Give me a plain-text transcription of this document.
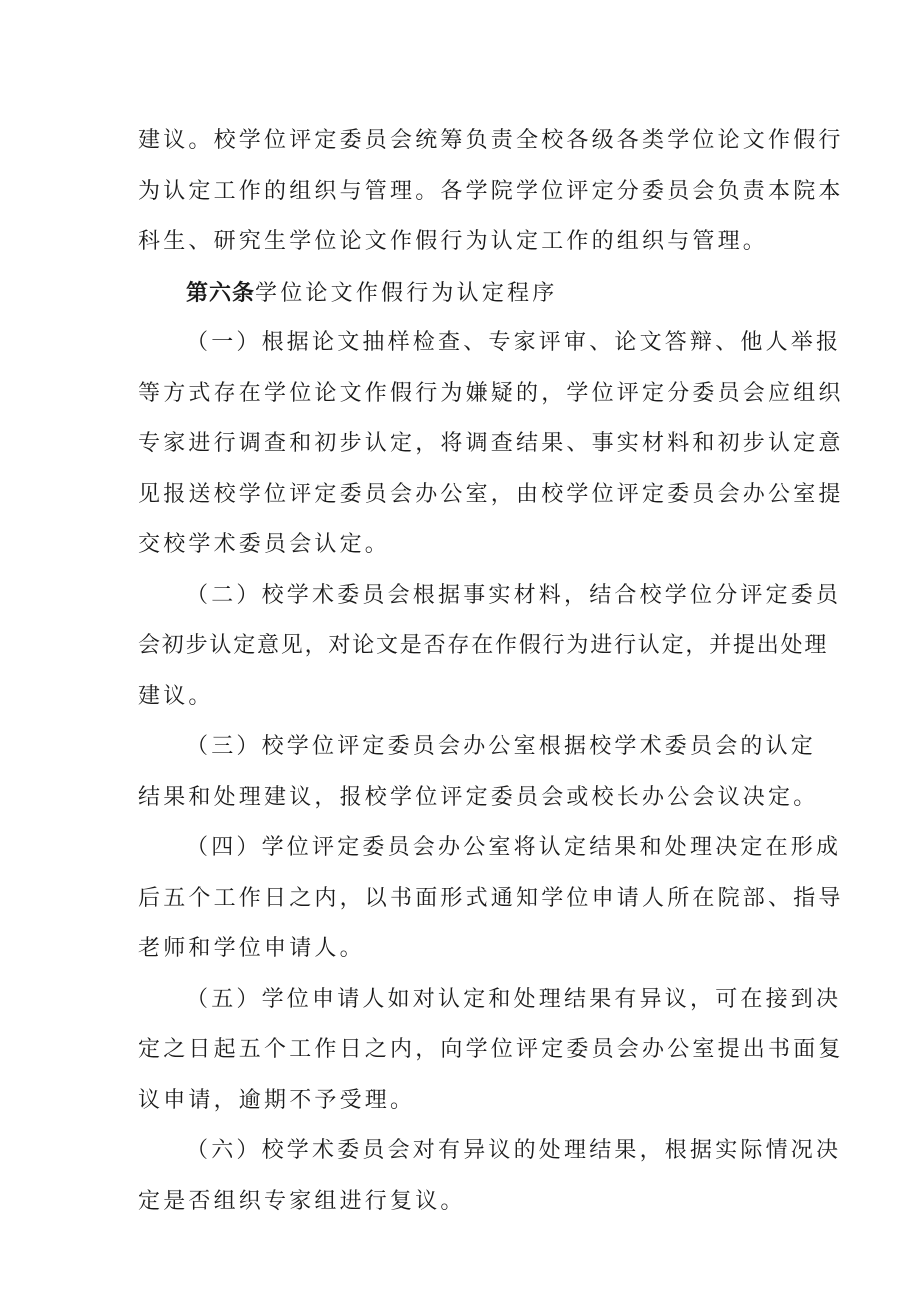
建议。校学位评定委员会统筹负责全校各级各类学位论文作假行
为认定工作的组织与管理。各学院学位评定分委员会负责本院本
科生、研究生学位论文作假行为认定工作的组织与管理。
第六条学位论文作假行为认定程序
（一）根据论文抽样检查、专家评审、论文答辩、他人举报
等方式存在学位论文作假行为嫌疑的，学位评定分委员会应组织
专家进行调查和初步认定，将调查结果、事实材料和初步认定意
见报送校学位评定委员会办公室，由校学位评定委员会办公室提
交校学术委员会认定。
（二）校学术委员会根据事实材料，结合校学位分评定委员
会初步认定意见，对论文是否存在作假行为进行认定，并提出处理
建议。
（三）校学位评定委员会办公室根据校学术委员会的认定
结果和处理建议，报校学位评定委员会或校长办公会议决定。
（四）学位评定委员会办公室将认定结果和处理决定在形成
后五个工作日之内，以书面形式通知学位申请人所在院部、指导
老师和学位申请人。
（五）学位申请人如对认定和处理结果有异议，可在接到决
定之日起五个工作日之内，向学位评定委员会办公室提出书面复
议申请，逾期不予受理。
（六）校学术委员会对有异议的处理结果，根据实际情况决
定是否组织专家组进行复议。
